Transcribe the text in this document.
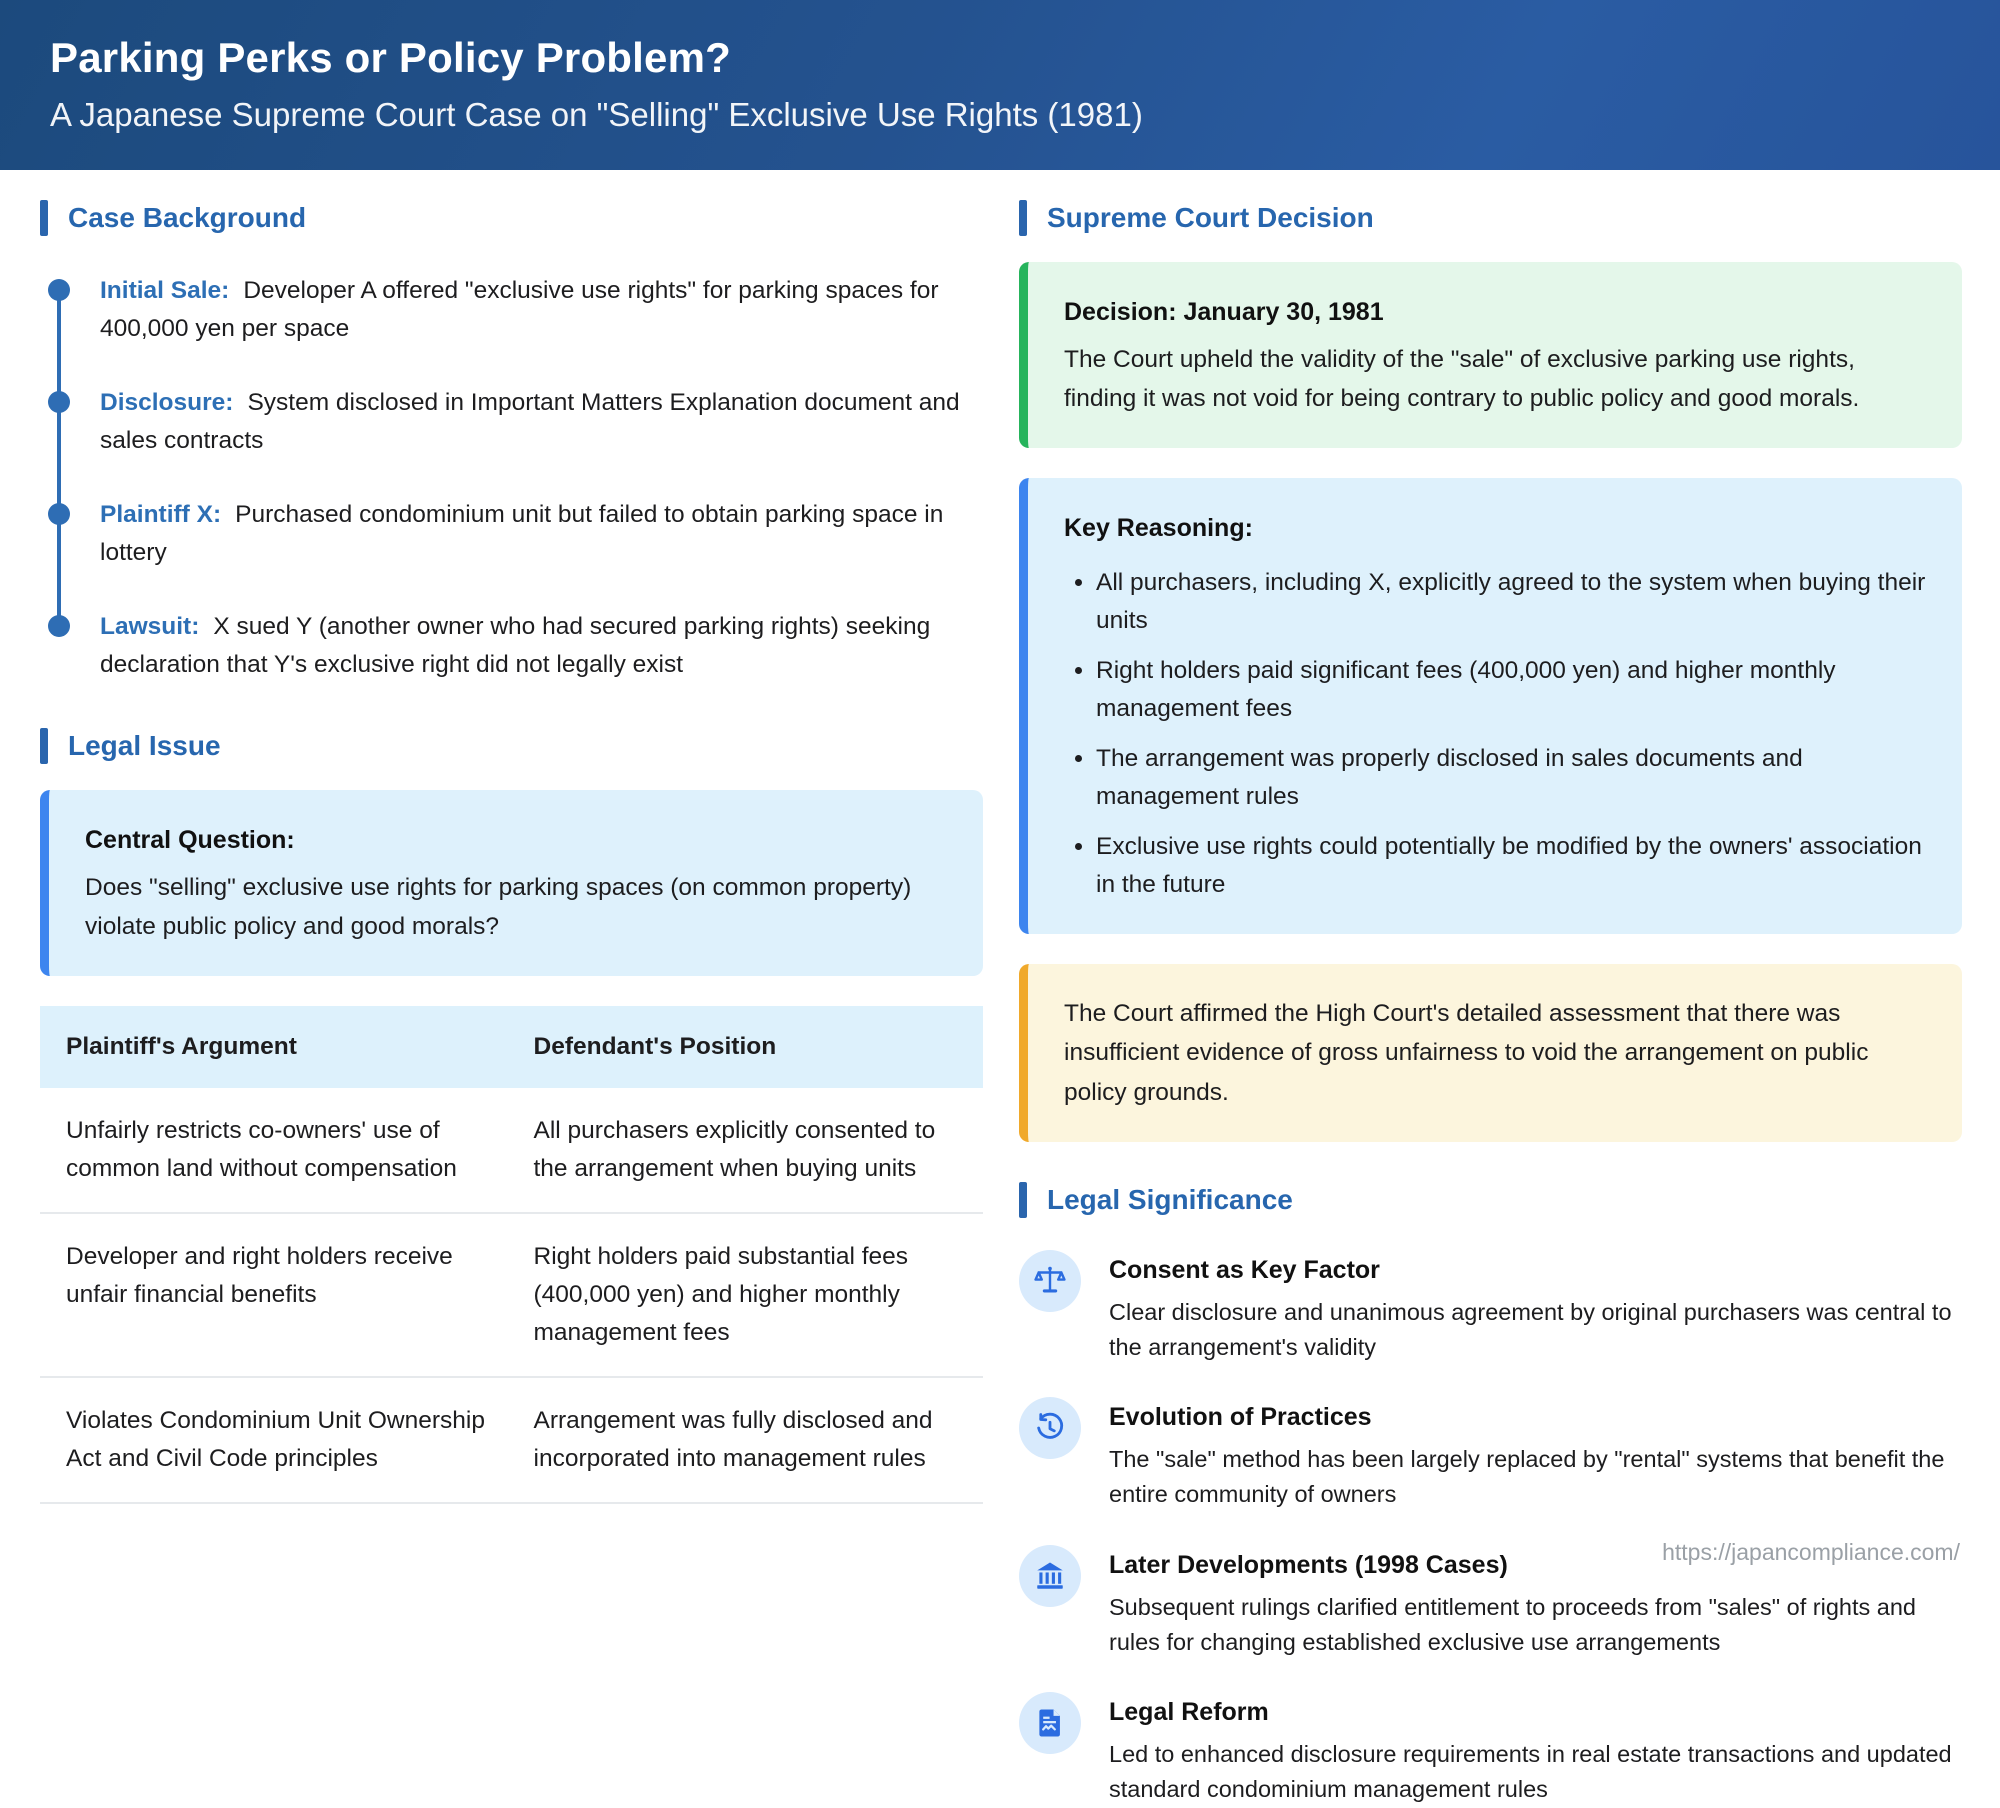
Parking Perks or Policy Problem?
A Japanese Supreme Court Case on "Selling" Exclusive Use Rights (1981)
Case Background
Initial Sale: Developer A offered "exclusive use rights" for parking spaces for 400,000 yen per space
Disclosure: System disclosed in Important Matters Explanation document and sales contracts
Plaintiff X: Purchased condominium unit but failed to obtain parking space in lottery
Lawsuit: X sued Y (another owner who had secured parking rights) seeking declaration that Y's exclusive right did not legally exist
Legal Issue
Central Question:
Does "selling" exclusive use rights for parking spaces (on common property) violate public policy and good morals?
Plaintiff's Argument	Defendant's Position
Unfairly restricts co-owners' use of common land without compensation
All purchasers explicitly consented to the arrangement when buying units
Developer and right holders receive unfair financial benefits
Right holders paid substantial fees (400,000 yen) and higher monthly management fees
Violates Condominium Unit Ownership Act and Civil Code principles
Arrangement was fully disclosed and incorporated into management rules
Supreme Court Decision
Decision: January 30, 1981
The Court upheld the validity of the "sale" of exclusive parking use rights, finding it was not void for being contrary to public policy and good morals.
Key Reasoning:
• All purchasers, including X, explicitly agreed to the system when buying their units
• Right holders paid significant fees (400,000 yen) and higher monthly management fees
• The arrangement was properly disclosed in sales documents and management rules
• Exclusive use rights could potentially be modified by the owners' association in the future
The Court affirmed the High Court's detailed assessment that there was insufficient evidence of gross unfairness to void the arrangement on public policy grounds.
Legal Significance
Consent as Key Factor
Clear disclosure and unanimous agreement by original purchasers was central to the arrangement's validity
Evolution of Practices
The "sale" method has been largely replaced by "rental" systems that benefit the entire community of owners
Later Developments (1998 Cases)
Subsequent rulings clarified entitlement to proceeds from "sales" of rights and rules for changing established exclusive use arrangements
Legal Reform
Led to enhanced disclosure requirements in real estate transactions and updated standard condominium management rules
https://japancompliance.com/
